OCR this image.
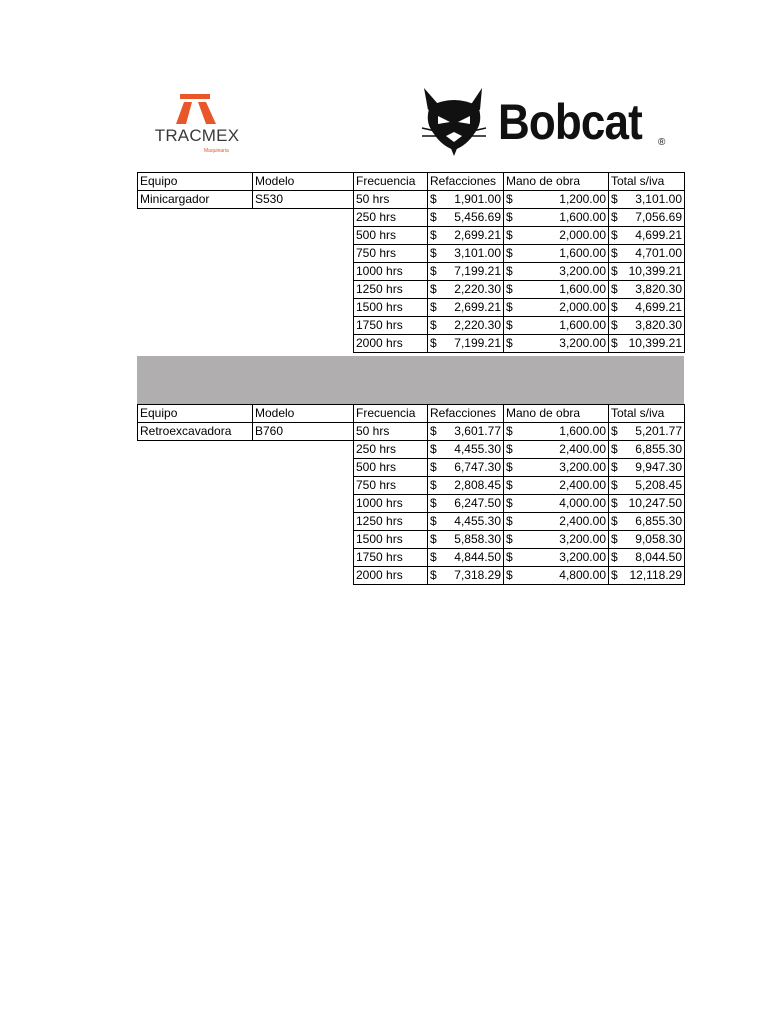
TRACMEX
Maquinaria
Bobcat ®
Equipo	Modelo	Frecuencia	Refacciones	Mano de obra	Total s/iva
Minicargador	S530	50 hrs	$ 1,901.00	$ 1,200.00	$ 3,101.00

		250 hrs	$ 5,456.69	$ 1,600.00	$ 7,056.69

		500 hrs	$ 2,699.21	$ 2,000.00	$ 4,699.21

		750 hrs	$ 3,101.00	$ 1,600.00	$ 4,701.00

		1000 hrs	$ 7,199.21	$ 3,200.00	$ 10,399.21

		1250 hrs	$ 2,220.30	$ 1,600.00	$ 3,820.30

		1500 hrs	$ 2,699.21	$ 2,000.00	$ 4,699.21

		1750 hrs	$ 2,220.30	$ 1,600.00	$ 3,820.30

		2000 hrs	$ 7,199.21	$ 3,200.00	$ 10,399.21
Equipo	Modelo	Frecuencia	Refacciones	Mano de obra	Total s/iva
Retroexcavadora	B760	50 hrs	$ 3,601.77	$ 1,600.00	$ 5,201.77

		250 hrs	$ 4,455.30	$ 2,400.00	$ 6,855.30

		500 hrs	$ 6,747.30	$ 3,200.00	$ 9,947.30

		750 hrs	$ 2,808.45	$ 2,400.00	$ 5,208.45

		1000 hrs	$ 6,247.50	$ 4,000.00	$ 10,247.50

		1250 hrs	$ 4,455.30	$ 2,400.00	$ 6,855.30

		1500 hrs	$ 5,858.30	$ 3,200.00	$ 9,058.30

		1750 hrs	$ 4,844.50	$ 3,200.00	$ 8,044.50

		2000 hrs	$ 7,318.29	$ 4,800.00	$ 12,118.29
